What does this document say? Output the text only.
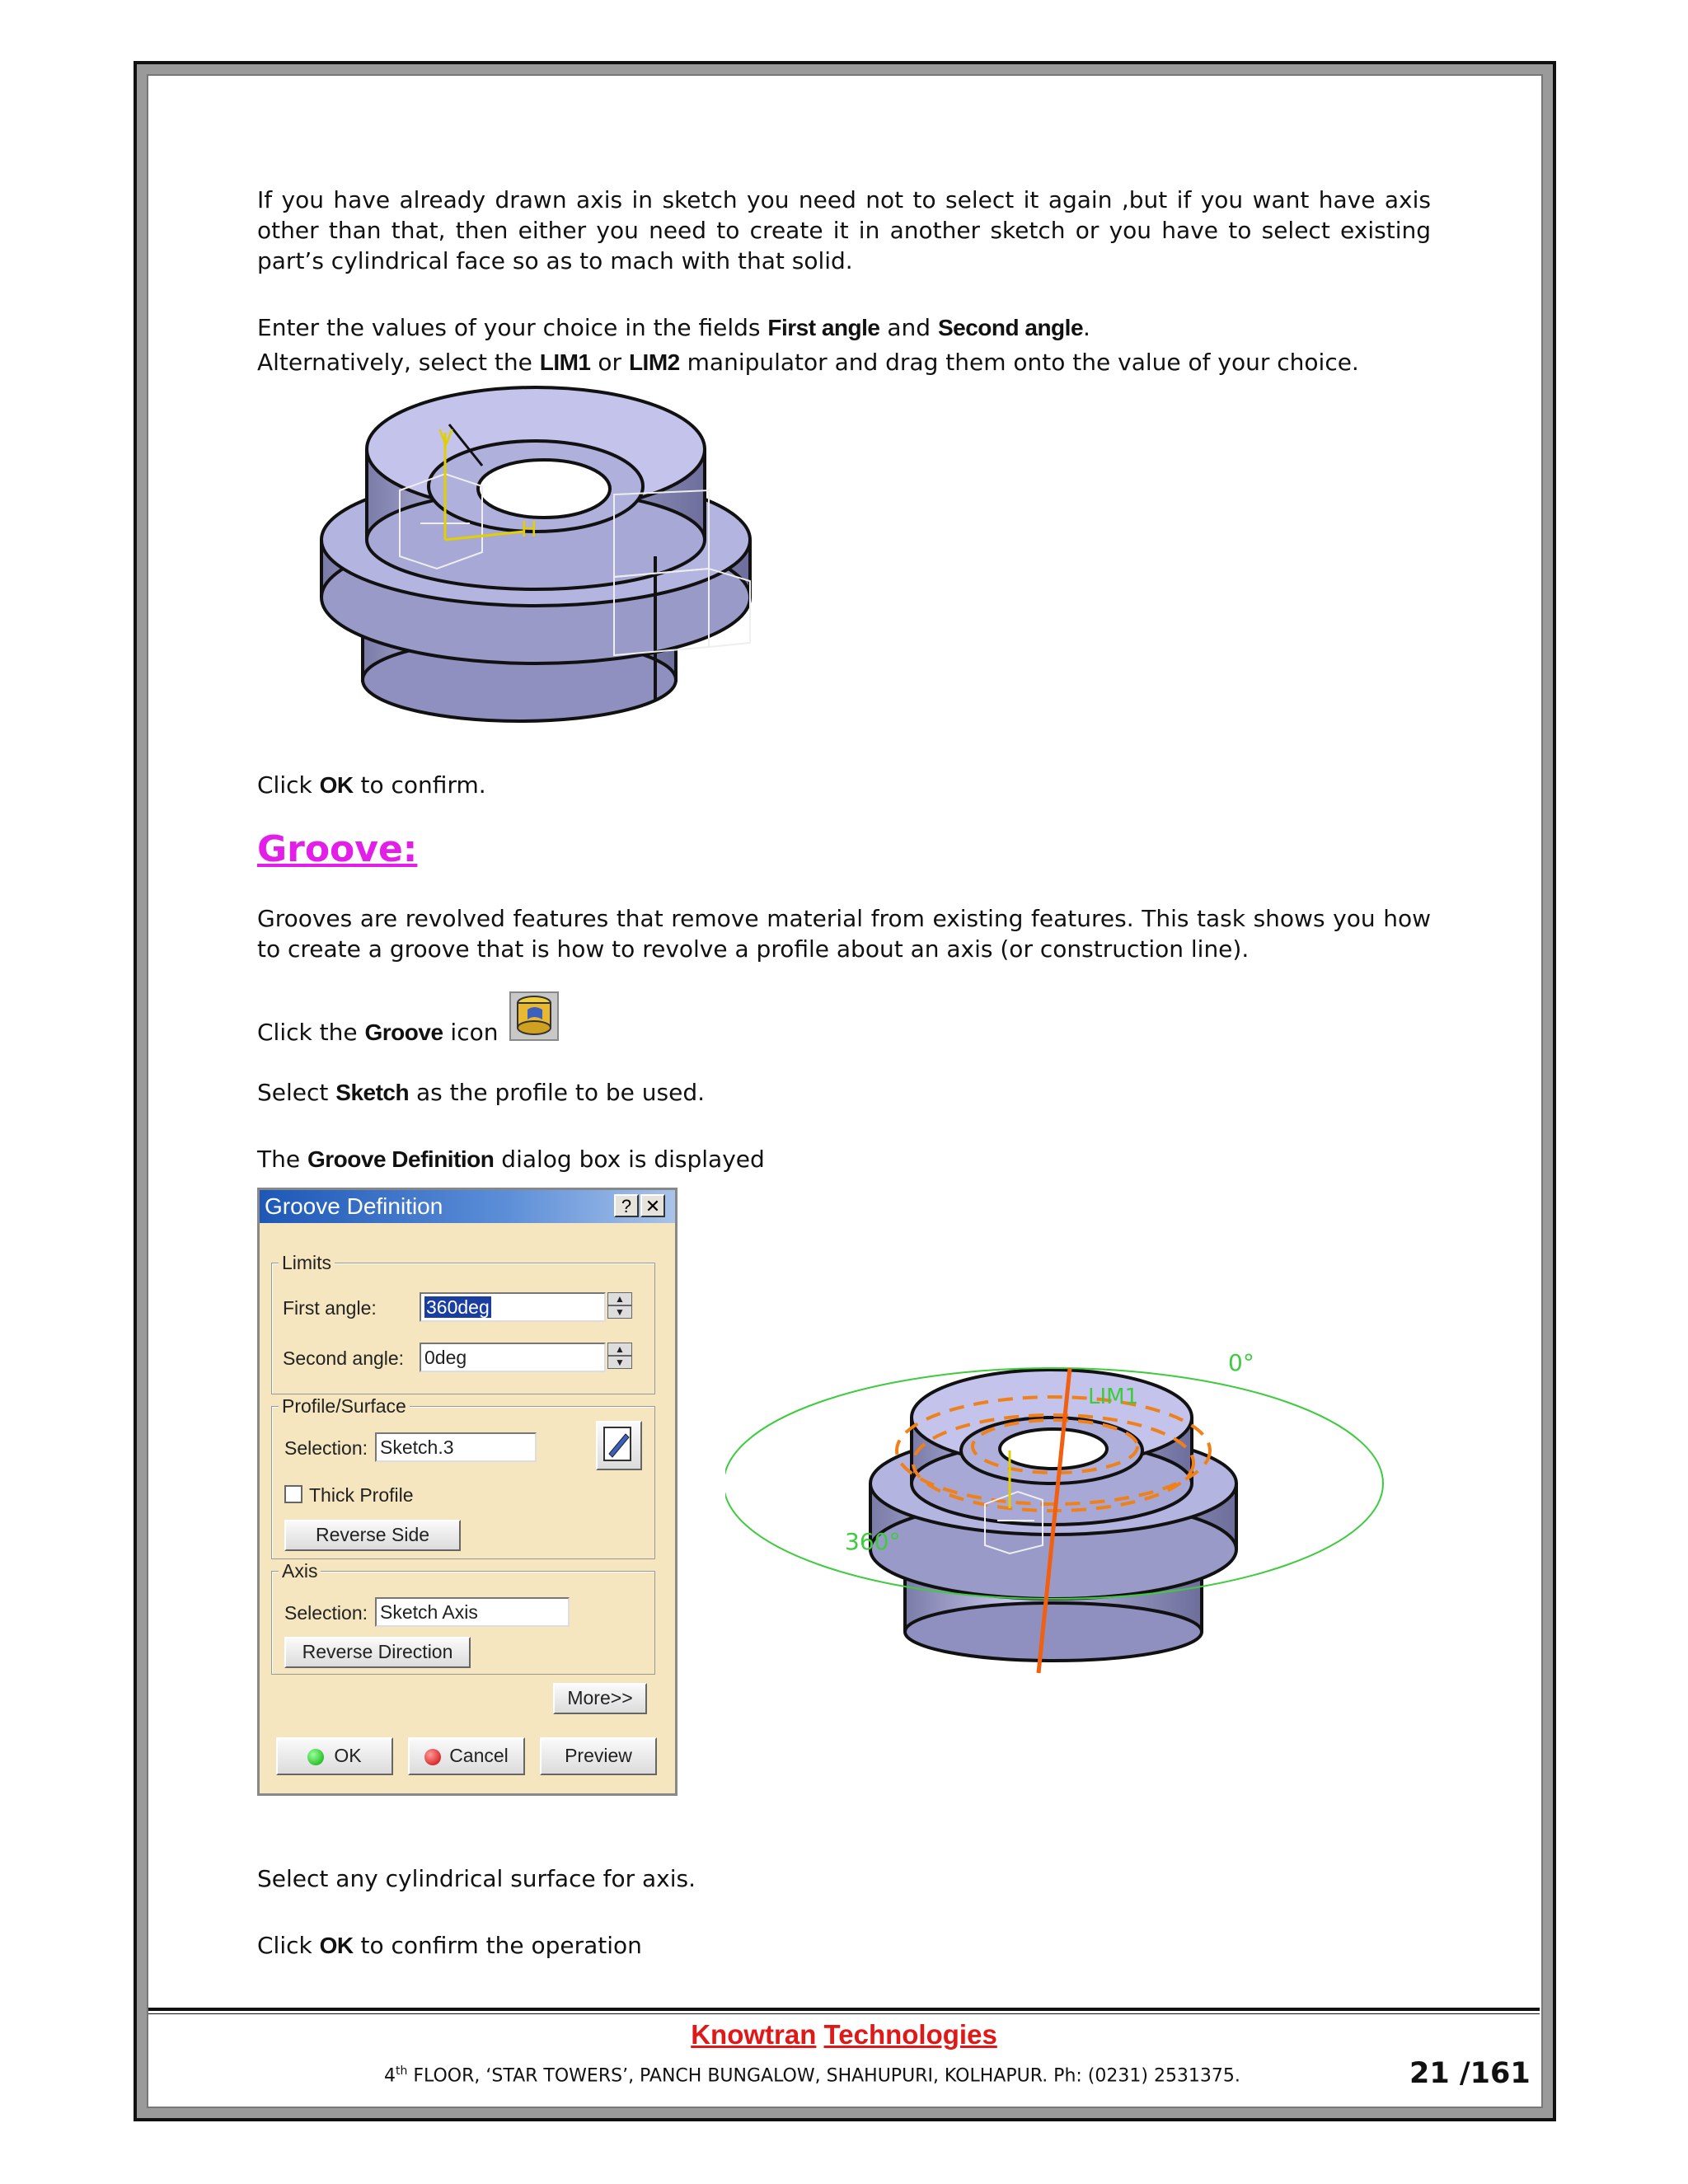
If you have already drawn axis in sketch you need not to select it again ,but if you want have axis other than that, then either you need to create it in another sketch or you have to select existing part’s cylindrical face so as to mach with that solid.
Enter the values of your choice in the fields First angle and Second angle.
Alternatively, select the LIM1 or LIM2 manipulator and drag them onto the value of your choice.
V
H
Click OK to confirm.
Groove:
Grooves are revolved features that remove material from existing features. This task shows you how to create a groove that is how to revolve a profile about an axis (or construction line).
Click the Groove icon
Select Sketch as the profile to be used.
The Groove Definition dialog box is displayed
Groove Definition	? ✕
Limits
First angle:	360deg	▲
▼
Second angle: 0deg	▲
▼
Profile/Surface
Selection: Sketch.3
Thick Profile
Reverse Side
Axis
Selection: Sketch Axis
Reverse Direction
More>>
OK	Cancel	Preview
0°
360°
LIM1
Select any cylindrical surface for axis.
Click OK to confirm the operation
Knowtran Technologies
4th FLOOR, ‘STAR TOWERS’, PANCH BUNGALOW, SHAHUPURI, KOLHAPUR. Ph: (0231) 2531375.	21 /161
